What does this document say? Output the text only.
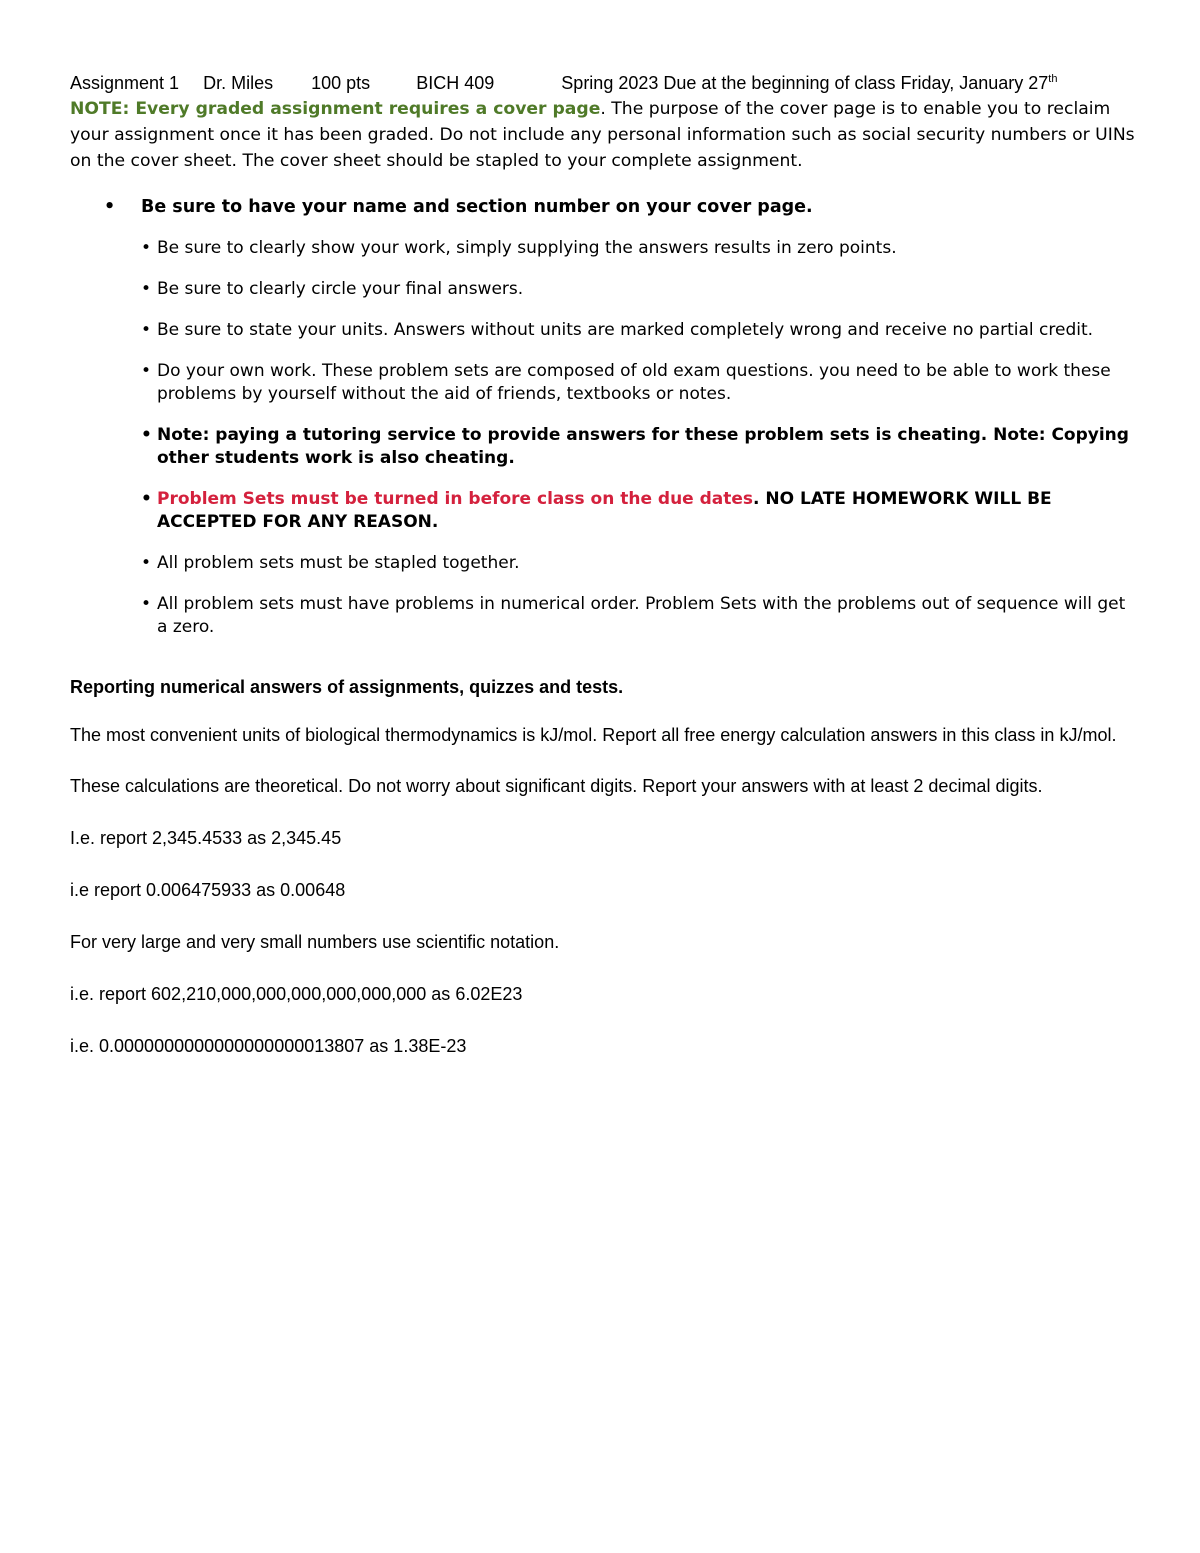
Assignment 1 Dr. Miles 100 pts	BICH 409	Spring 2023 Due at the beginning of class Friday, January 27th

NOTE: Every graded assignment requires a cover page. The purpose of the cover page is to enable you to reclaim your assignment once it has been graded. Do not include any personal information such as social security numbers or UINs on the cover sheet. The cover sheet should be stapled to your complete assignment.

• Be sure to have your name and section number on your cover page.
• Be sure to clearly show your work, simply supplying the answers results in zero points.
• Be sure to clearly circle your final answers.
• Be sure to state your units. Answers without units are marked completely wrong and receive no partial credit.
• Do your own work. These problem sets are composed of old exam questions. you need to be able to work these problems by yourself without the aid of friends, textbooks or notes.
• Note: paying a tutoring service to provide answers for these problem sets is cheating. Note: Copying other students work is also cheating.
• Problem Sets must be turned in before class on the due dates. NO LATE HOMEWORK WILL BE ACCEPTED FOR ANY REASON.
• All problem sets must be stapled together.
• All problem sets must have problems in numerical order. Problem Sets with the problems out of sequence will get a zero.
Reporting numerical answers of assignments, quizzes and tests.

The most convenient units of biological thermodynamics is kJ/mol. Report all free energy calculation answers in this class in kJ/mol.

These calculations are theoretical. Do not worry about significant digits. Report your answers with at least 2 decimal digits.

I.e. report 2,345.4533 as 2,345.45

i.e report 0.006475933 as 0.00648

For very large and very small numbers use scientific notation.

i.e. report 602,210,000,000,000,000,000,000 as 6.02E23

i.e. 0.0000000000000000000013807 as 1.38E-23
